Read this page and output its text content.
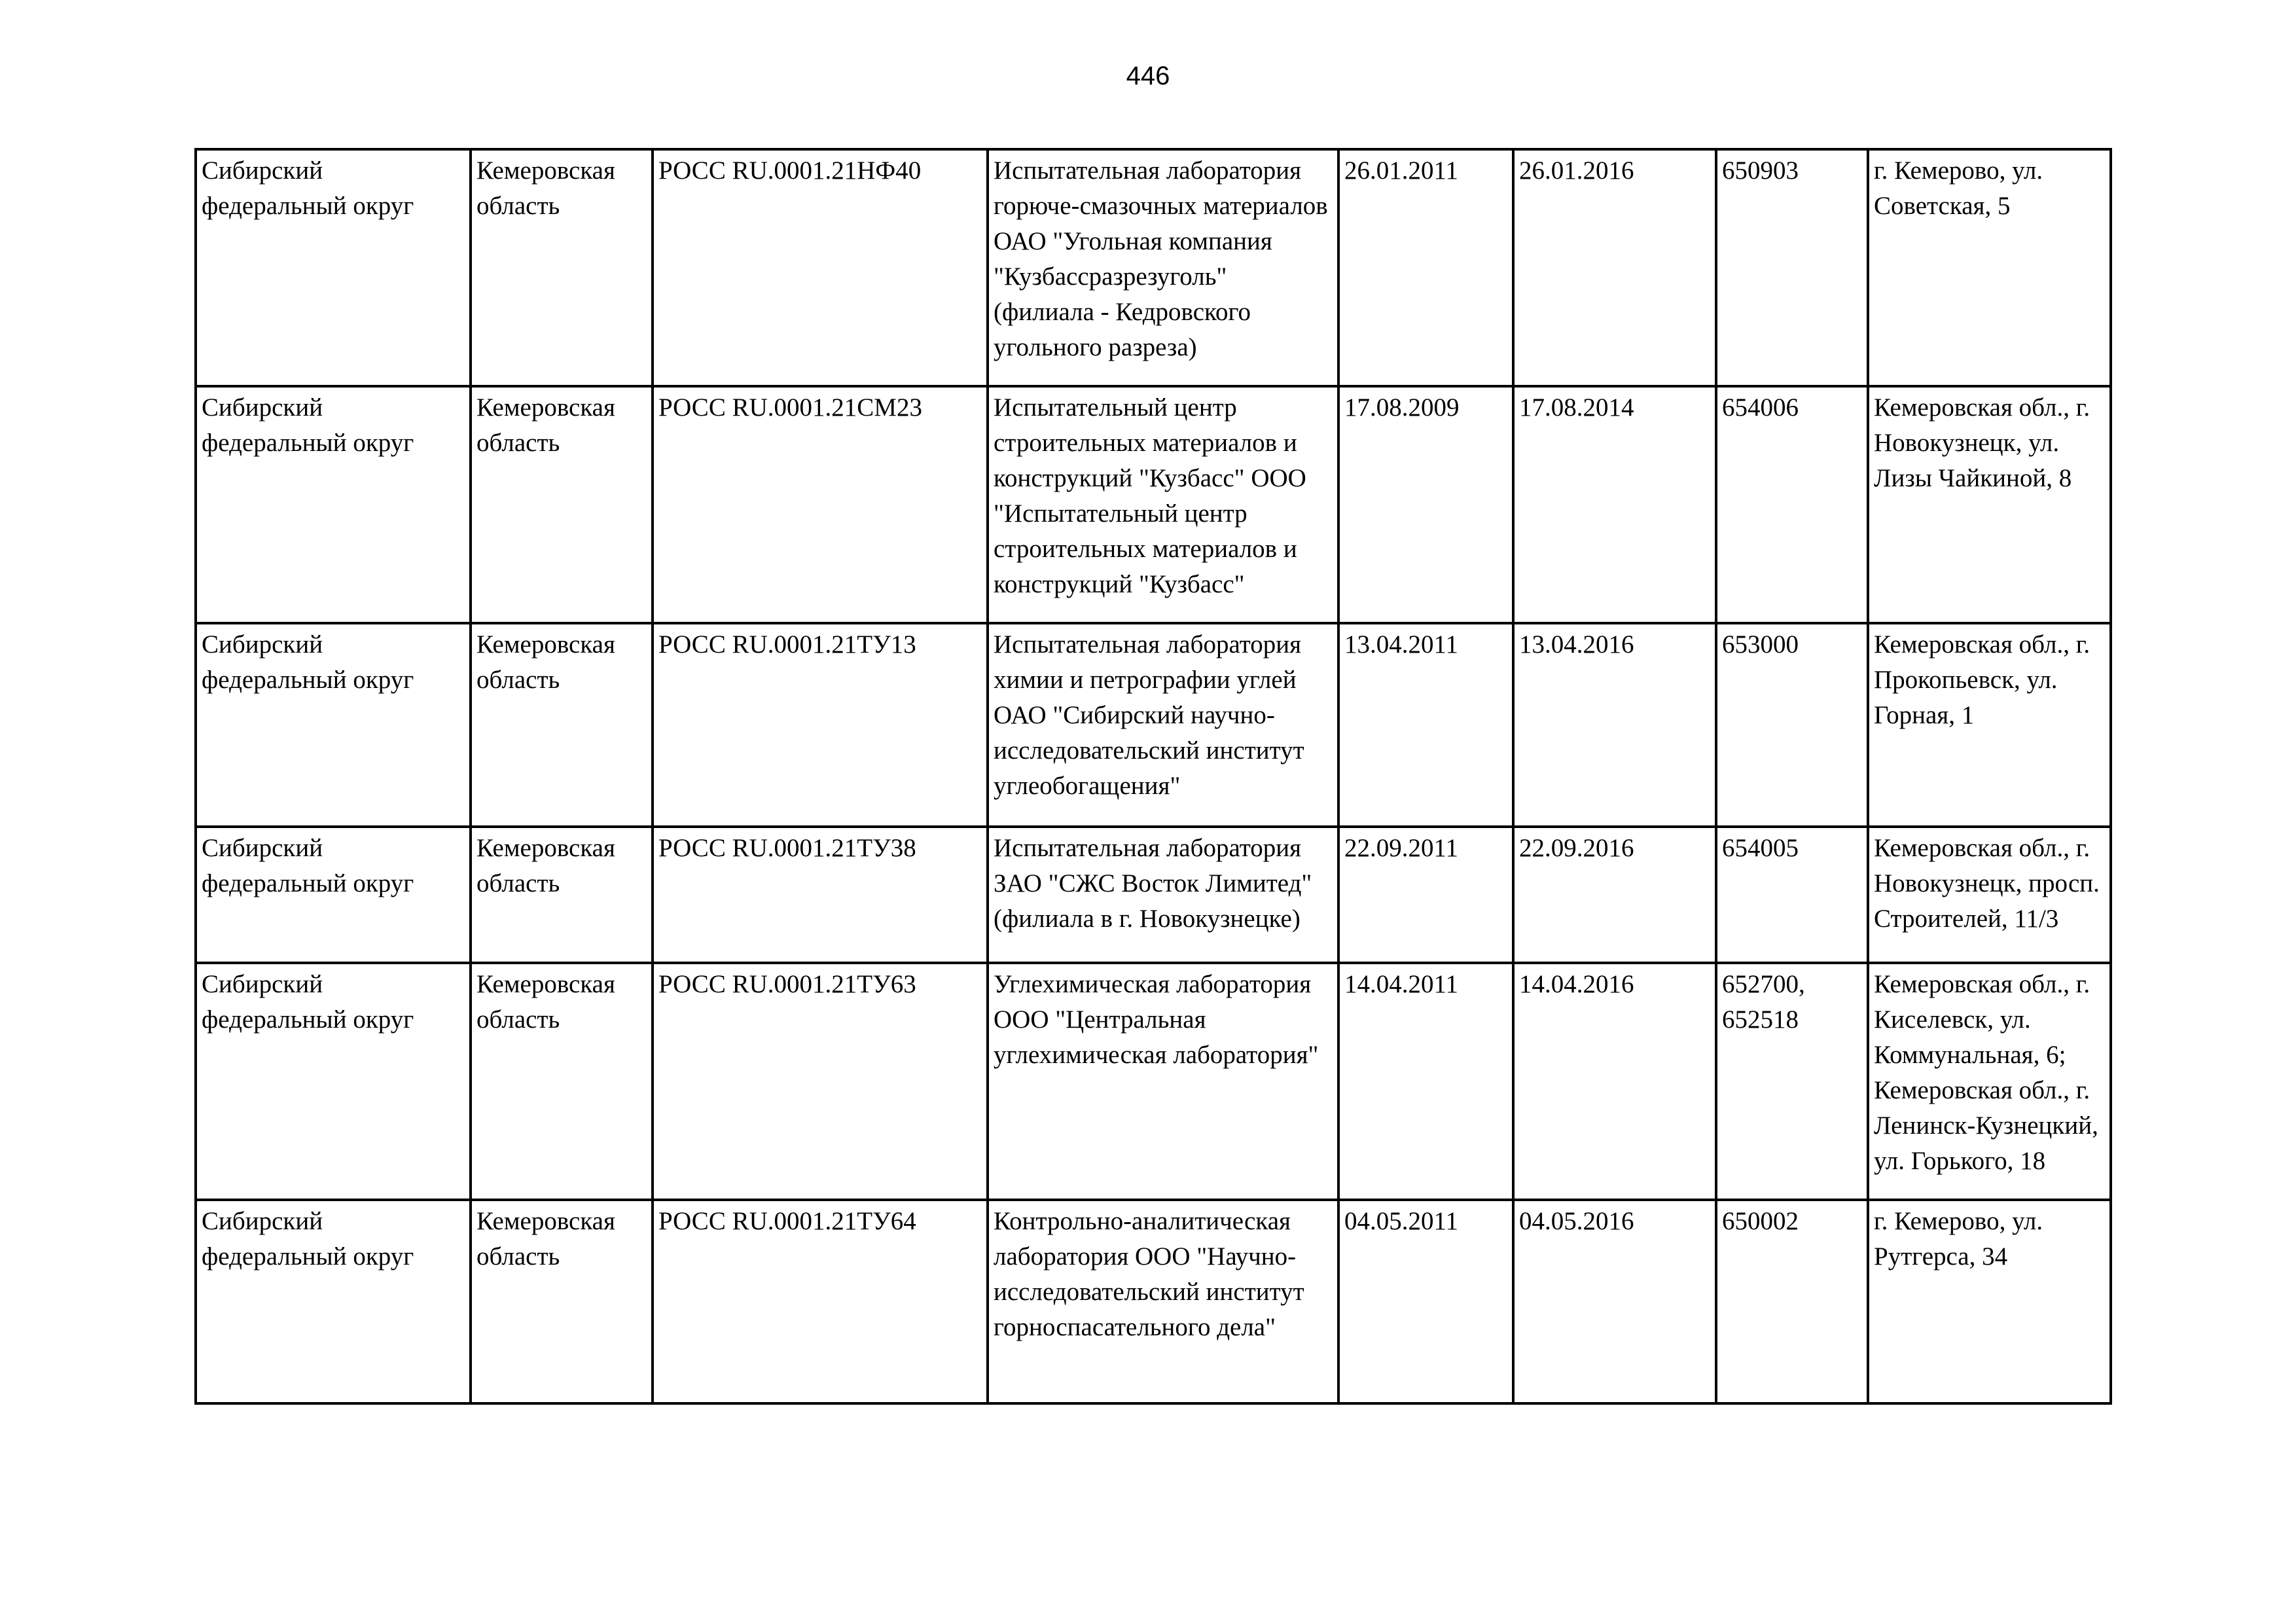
446
Сибирский федеральный округ	Кемеровская область	РОСС RU.0001.21НФ40	Испытательная лаборатория горюче-смазочных материалов ОАО "Угольная компания "Кузбассразрезуголь" (филиала - Кедровского угольного разреза)	26.01.2011	26.01.2016	650903	г. Кемерово, ул. Советская, 5

Сибирский федеральный округ	Кемеровская область	РОСС RU.0001.21СМ23	Испытательный центр строительных материалов и конструкций "Кузбасс" ООО "Испытательный центр строительных материалов и конструкций "Кузбасс"	17.08.2009	17.08.2014	654006	Кемеровская обл., г. Новокузнецк, ул. Лизы Чайкиной, 8

Сибирский федеральный округ	Кемеровская область	РОСС RU.0001.21ТУ13	Испытательная лаборатория химии и петрографии углей ОАО "Сибирский научно-исследовательский институт углеобогащения"	13.04.2011	13.04.2016	653000	Кемеровская обл., г. Прокопьевск, ул. Горная, 1

Сибирский федеральный округ	Кемеровская область	РОСС RU.0001.21ТУ38	Испытательная лаборатория ЗАО "СЖС Восток Лимитед" (филиала в г. Новокузнецке)	22.09.2011	22.09.2016	654005	Кемеровская обл., г. Новокузнецк, просп. Строителей, 11/3

Сибирский федеральный округ	Кемеровская область	РОСС RU.0001.21ТУ63	Углехимическая лаборатория ООО "Центральная углехимическая лаборатория"	14.04.2011	14.04.2016	652700, 652518	Кемеровская обл., г. Киселевск, ул. Коммунальная, 6; Кемеровская обл., г. Ленинск-Кузнецкий, ул. Горького, 18

Сибирский федеральный округ	Кемеровская область	РОСС RU.0001.21ТУ64	Контрольно-аналитическая лаборатория ООО "Научно-исследовательский институт горноспасательного дела"	04.05.2011	04.05.2016	650002	г. Кемерово, ул. Рутгерса, 34
